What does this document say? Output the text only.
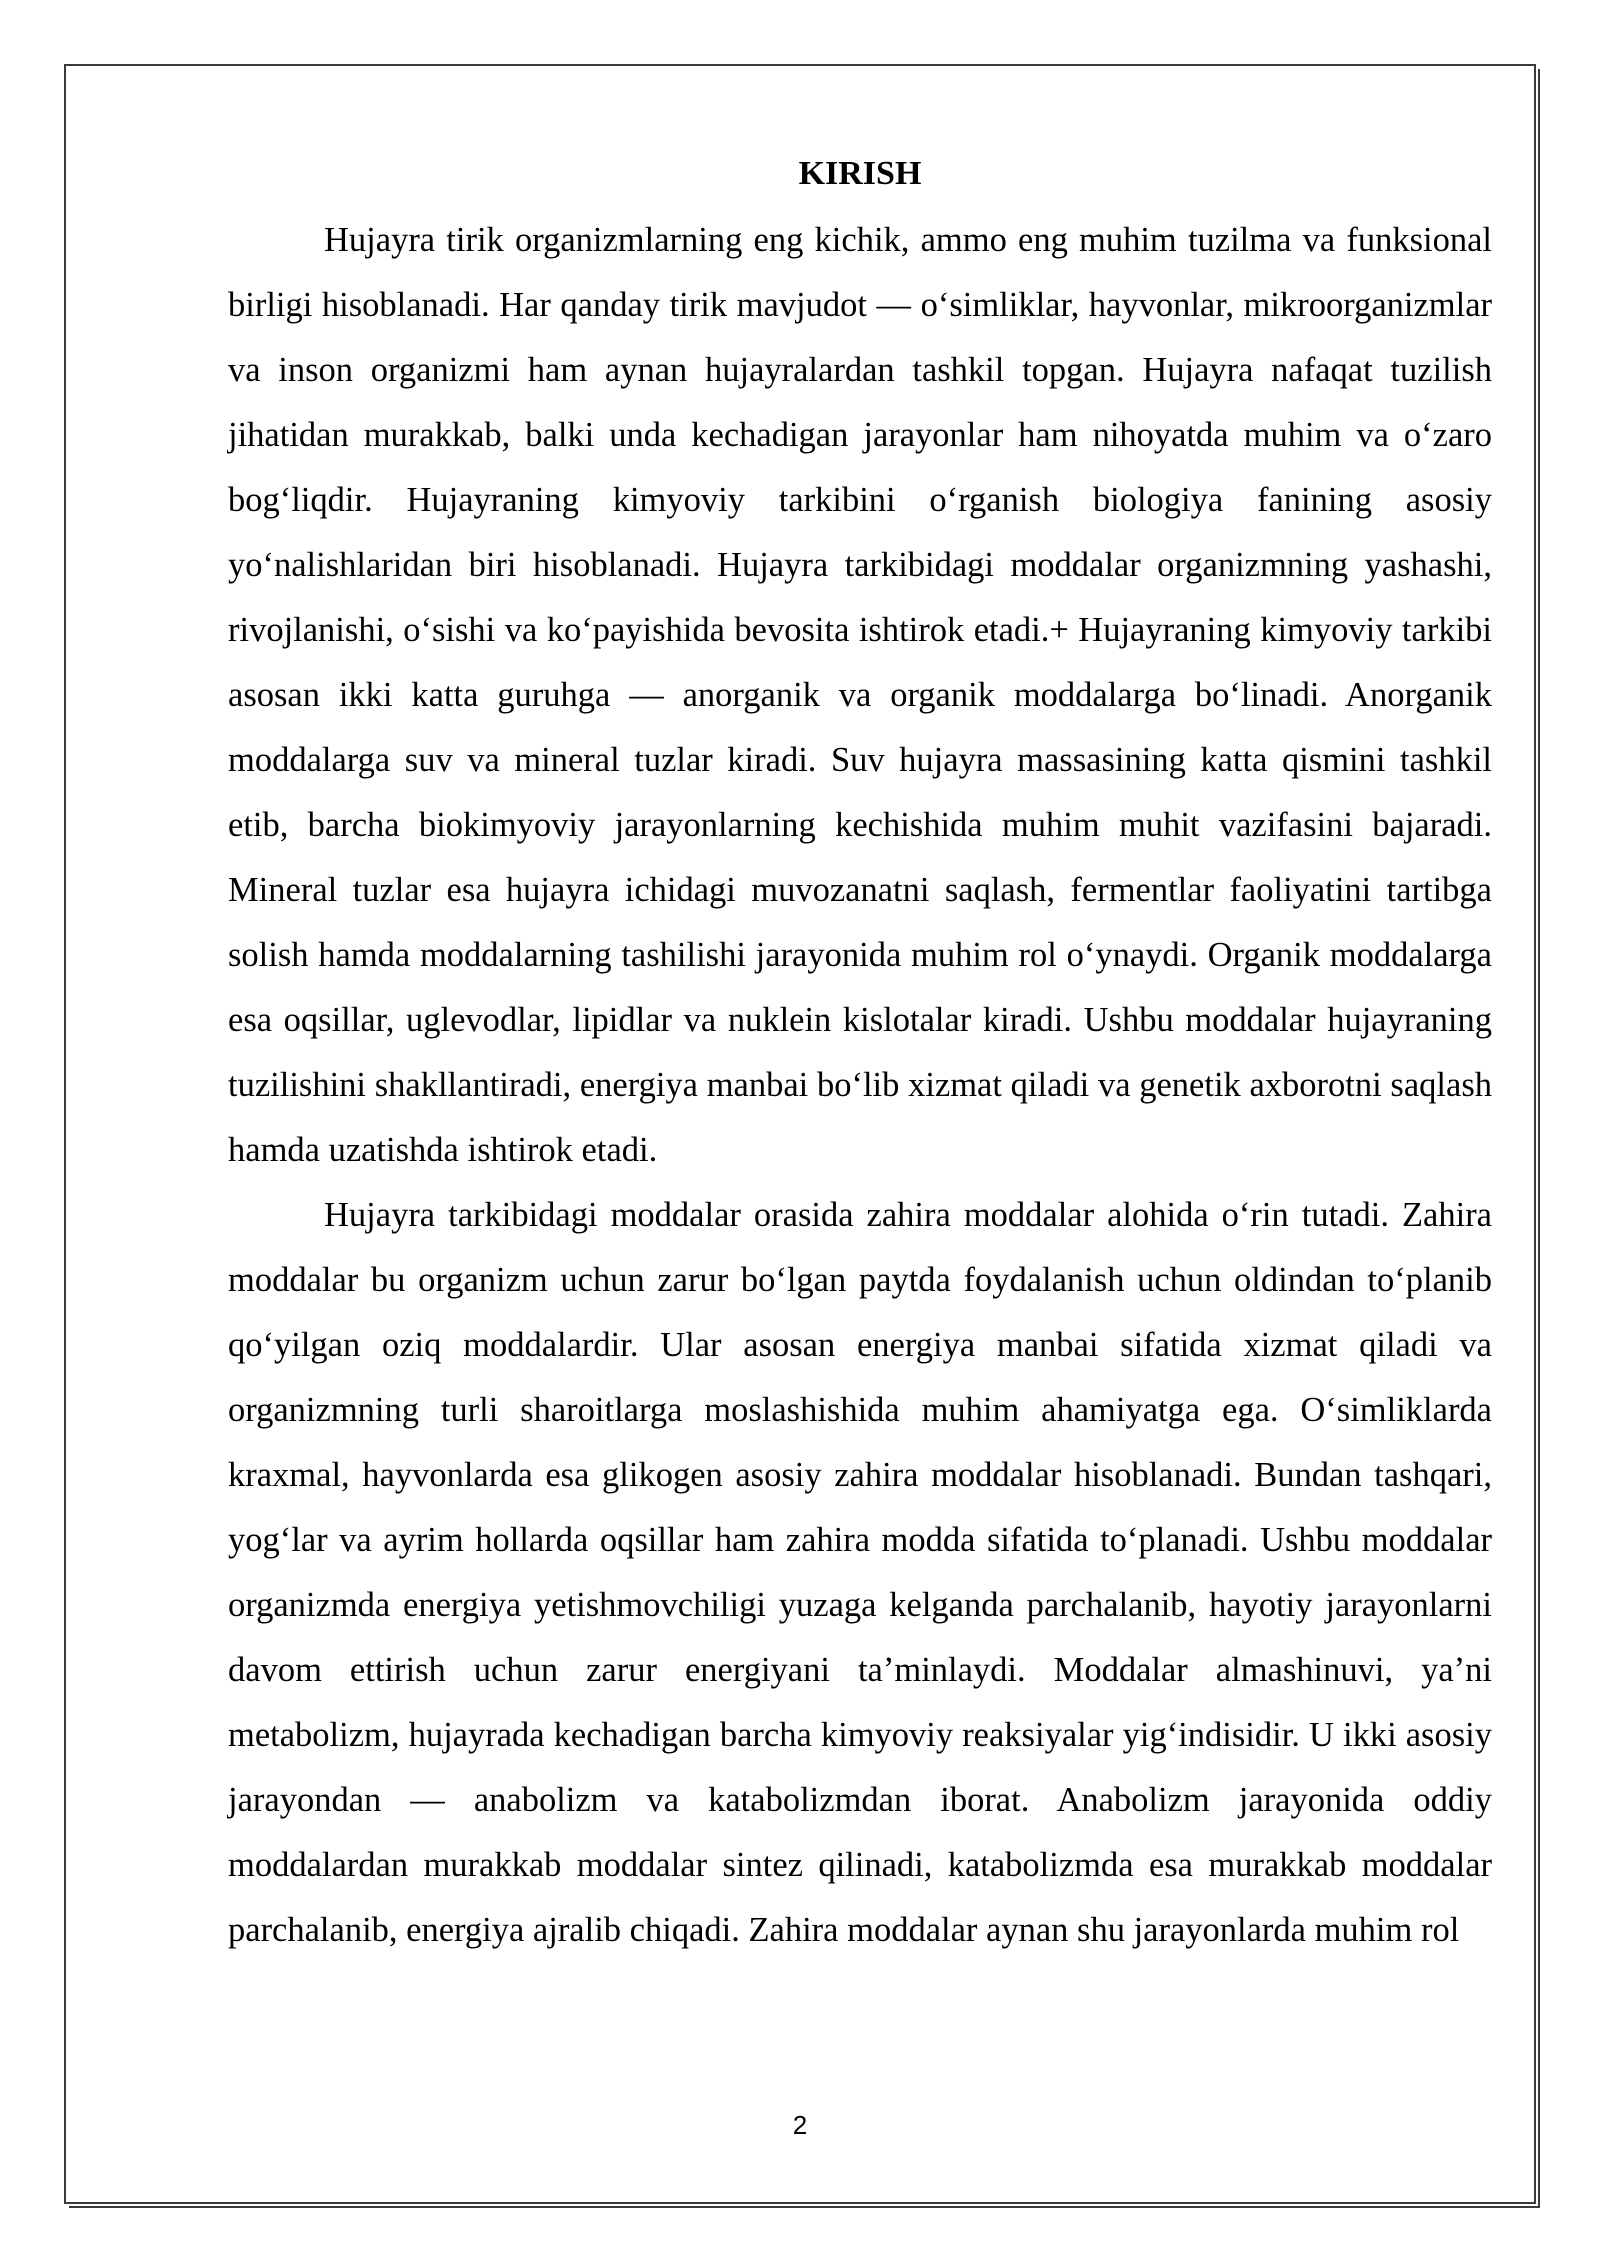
KIRISH

Hujayra tirik organizmlarning eng kichik, ammo eng muhim tuzilma va funksional birligi hisoblanadi. Har qanday tirik mavjudot — oʻsimliklar, hayvonlar, mikroorganizmlar va inson organizmi ham aynan hujayralardan tashkil topgan. Hujayra nafaqat tuzilish jihatidan murakkab, balki unda kechadigan jarayonlar ham nihoyatda muhim va oʻzaro bogʻliqdir. Hujayraning kimyoviy tarkibini oʻrganish biologiya fanining asosiy yoʻnalishlaridan biri hisoblanadi. Hujayra tarkibidagi moddalar organizmning yashashi, rivojlanishi, oʻsishi va koʻpayishida bevosita ishtirok etadi.+ Hujayraning kimyoviy tarkibi asosan ikki katta guruhga — anorganik va organik moddalarga boʻlinadi. Anorganik moddalarga suv va mineral tuzlar kiradi. Suv hujayra massasining katta qismini tashkil etib, barcha biokimyoviy jarayonlarning kechishida muhim muhit vazifasini bajaradi. Mineral tuzlar esa hujayra ichidagi muvozanatni saqlash, fermentlar faoliyatini tartibga solish hamda moddalarning tashilishi jarayonida muhim rol oʻynaydi. Organik moddalarga esa oqsillar, uglevodlar, lipidlar va nuklein kislotalar kiradi. Ushbu moddalar hujayraning tuzilishini shakllantiradi, energiya manbai boʻlib xizmat qiladi va genetik axborotni saqlash hamda uzatishda ishtirok etadi.

Hujayra tarkibidagi moddalar orasida zahira moddalar alohida oʻrin tutadi. Zahira moddalar bu organizm uchun zarur boʻlgan paytda foydalanish uchun oldindan toʻplanib qoʻyilgan oziq moddalardir. Ular asosan energiya manbai sifatida xizmat qiladi va organizmning turli sharoitlarga moslashishida muhim ahamiyatga ega. Oʻsimliklarda kraxmal, hayvonlarda esa glikogen asosiy zahira moddalar hisoblanadi. Bundan tashqari, yogʻlar va ayrim hollarda oqsillar ham zahira modda sifatida toʻplanadi. Ushbu moddalar organizmda energiya yetishmovchiligi yuzaga kelganda parchalanib, hayotiy jarayonlarni davom ettirish uchun zarur energiyani taʼminlaydi. Moddalar almashinuvi, yaʼni metabolizm, hujayrada kechadigan barcha kimyoviy reaksiyalar yigʻindisidir. U ikki asosiy jarayondan — anabolizm va katabolizmdan iborat. Anabolizm jarayonida oddiy moddalardan murakkab moddalar sintez qilinadi, katabolizmda esa murakkab moddalar parchalanib, energiya ajralib chiqadi. Zahira moddalar aynan shu jarayonlarda muhim rol

2
